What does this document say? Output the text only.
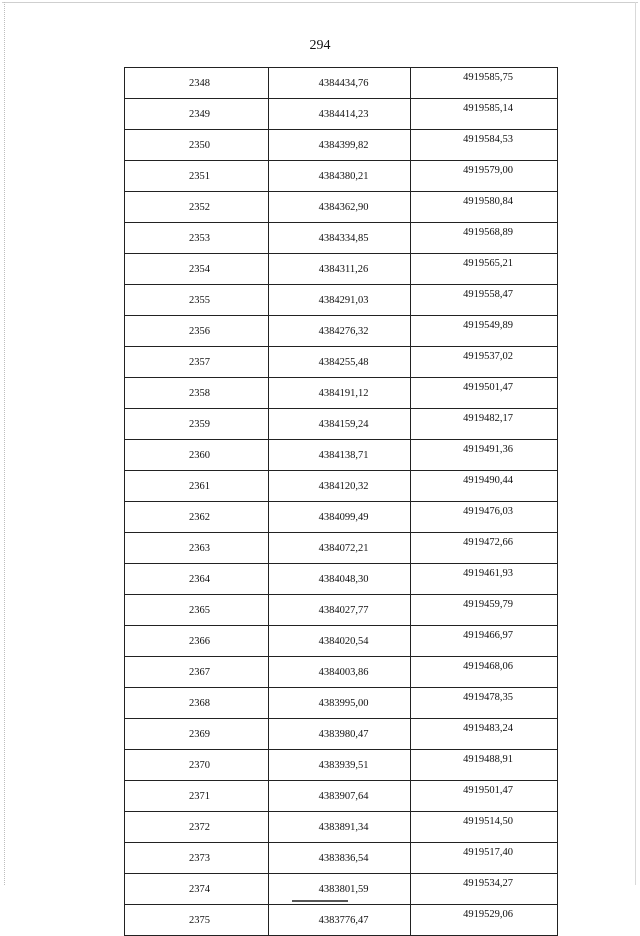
294
2348	4384434,76	4919585,75
2349	4384414,23	4919585,14
2350	4384399,82	4919584,53
2351	4384380,21	4919579,00
2352	4384362,90	4919580,84
2353	4384334,85	4919568,89
2354	4384311,26	4919565,21
2355	4384291,03	4919558,47
2356	4384276,32	4919549,89
2357	4384255,48	4919537,02
2358	4384191,12	4919501,47
2359	4384159,24	4919482,17
2360	4384138,71	4919491,36
2361	4384120,32	4919490,44
2362	4384099,49	4919476,03
2363	4384072,21	4919472,66
2364	4384048,30	4919461,93
2365	4384027,77	4919459,79
2366	4384020,54	4919466,97
2367	4384003,86	4919468,06
2368	4383995,00	4919478,35
2369	4383980,47	4919483,24
2370	4383939,51	4919488,91
2371	4383907,64	4919501,47
2372	4383891,34	4919514,50
2373	4383836,54	4919517,40
2374	4383801,59	4919534,27
2375	4383776,47	4919529,06
